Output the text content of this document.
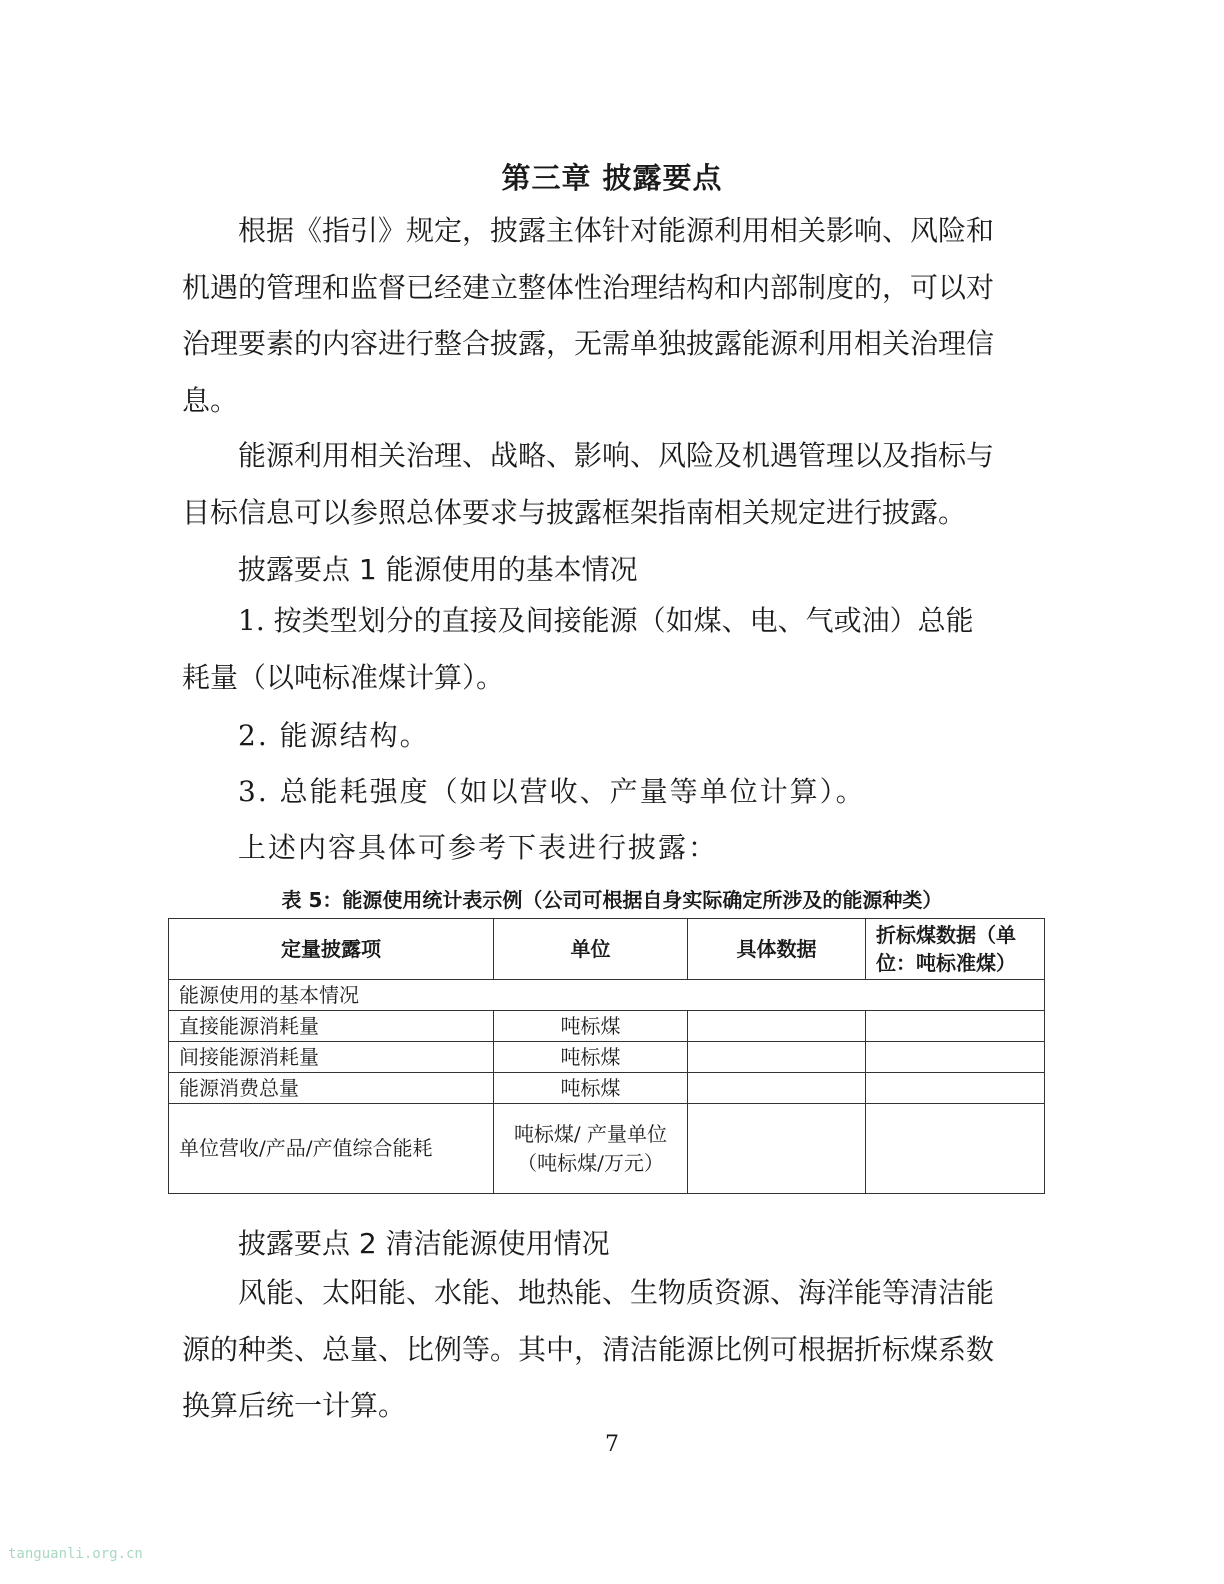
第三章 披露要点
根据《指引》规定，披露主体针对能源利用相关影响、风险和
机遇的管理和监督已经建立整体性治理结构和内部制度的，可以对
治理要素的内容进行整合披露，无需单独披露能源利用相关治理信
息。
能源利用相关治理、战略、影响、风险及机遇管理以及指标与
目标信息可以参照总体要求与披露框架指南相关规定进行披露。
披露要点 1 能源使用的基本情况
1. 按类型划分的直接及间接能源（如煤、电、气或油）总能
耗量（以吨标准煤计算）。
2. 能源结构。
3. 总能耗强度（如以营收、产量等单位计算）。
上述内容具体可参考下表进行披露：
表 5：能源使用统计表示例（公司可根据自身实际确定所涉及的能源种类）
定量披露项	单位	具体数据	折标煤数据（单位：吨标准煤）
能源使用的基本情况			
直接能源消耗量	吨标煤		
间接能源消耗量	吨标煤		
能源消费总量	吨标煤		
单位营收/产品/产值综合能耗	吨标煤/ 产量单位（吨标煤/万元）		
披露要点 2 清洁能源使用情况
风能、太阳能、水能、地热能、生物质资源、海洋能等清洁能
源的种类、总量、比例等。其中，清洁能源比例可根据折标煤系数
换算后统一计算。
7
tanguanli.org.cn
